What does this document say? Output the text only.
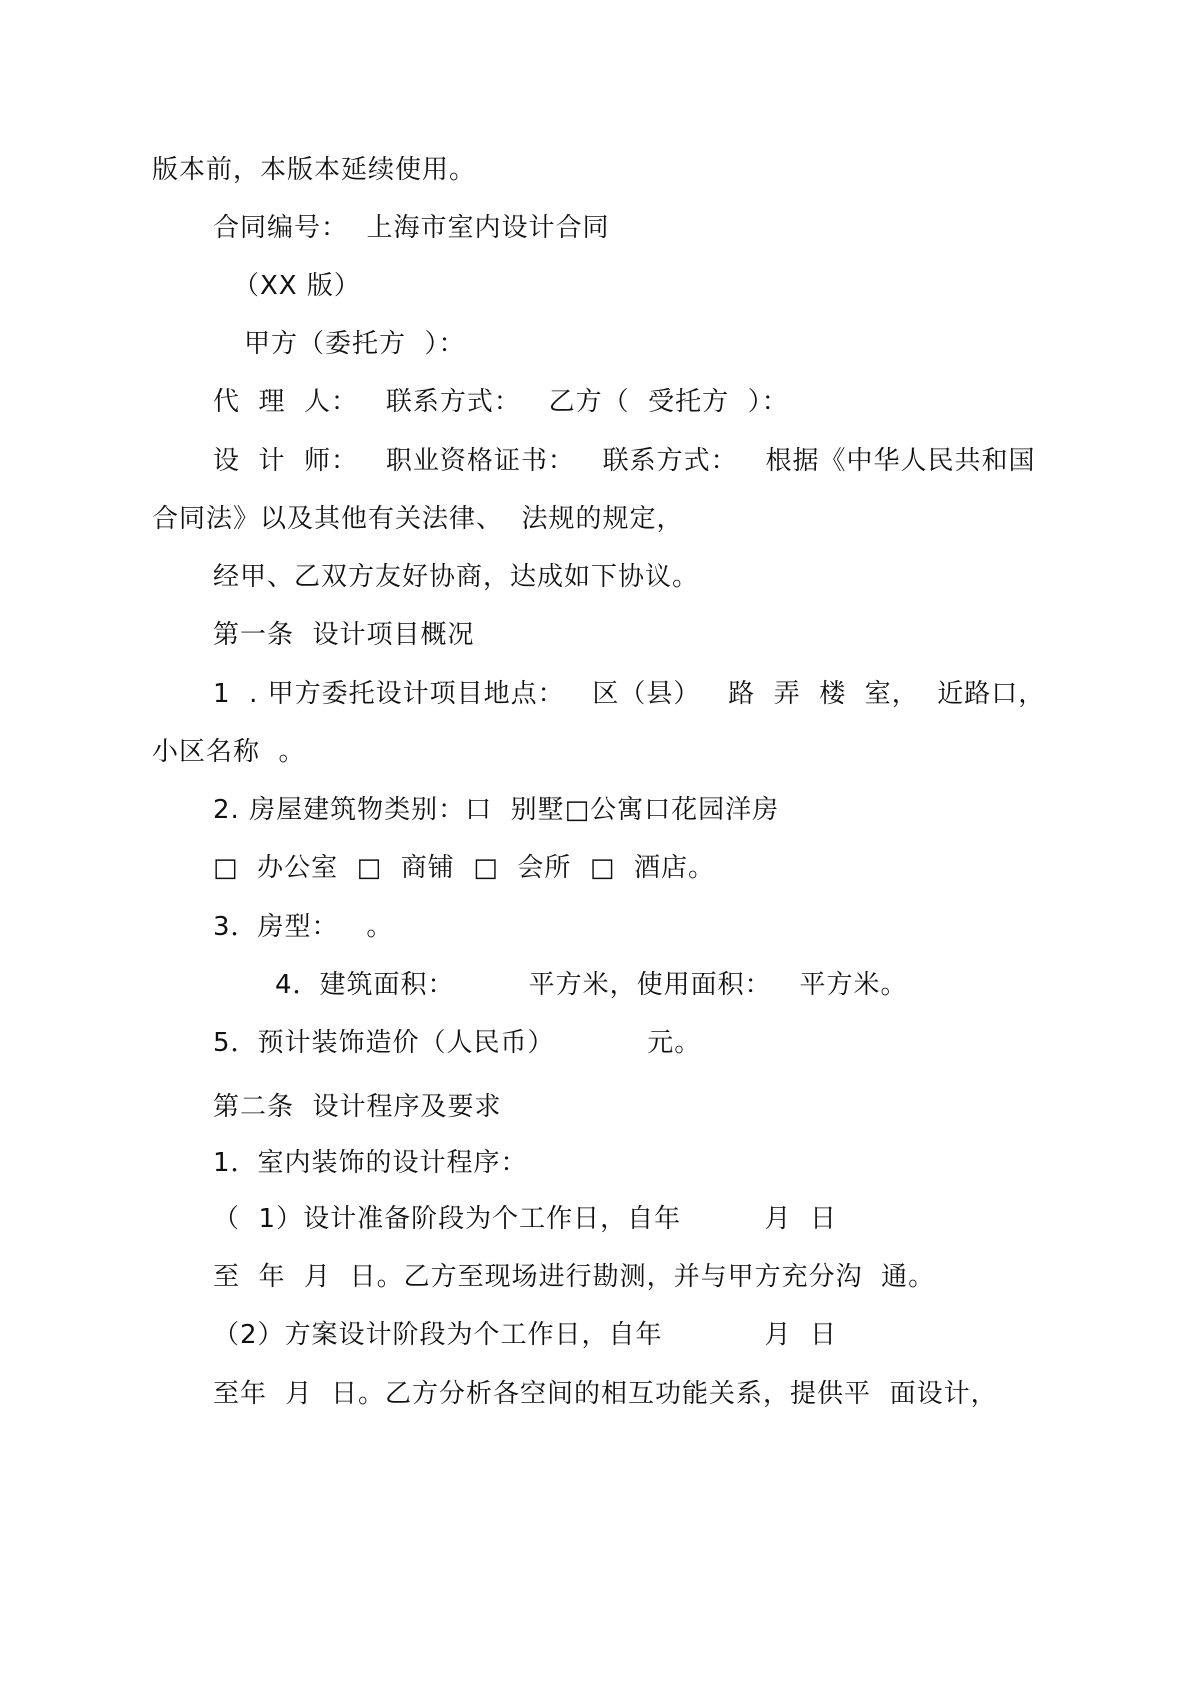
版本前，本版本延续使用。
合同编号：  上海市室内设计合同
（XX 版）
甲方（委托方  ）：
代  理  人：   联系方式：   乙方（  受托方  ）：
设  计  师：   职业资格证书：   联系方式：   根据《中华人民共和国
合同法》以及其他有关法律、  法规的规定，
经甲、乙双方友好协商，达成如下协议。
第一条  设计项目概况
1  . 甲方委托设计项目地点：   区（县）   路  弄  楼  室，  近路口，
小区名称  。
2. 房屋建筑物类别：口  别墅□公寓口花园洋房
□  办公室  □  商铺  □  会所  □  酒店。
3．房型：   。
4．建筑面积：        平方米，使用面积：   平方米。
5．预计装饰造价（人民币）          元。
第二条  设计程序及要求
1．室内装饰的设计程序：
（  1）设计准备阶段为个工作日，自年         月  日
至  年  月  日。乙方至现场进行勘测，并与甲方充分沟  通。
（2）方案设计阶段为个工作日，自年           月  日
至年  月  日。乙方分析各空间的相互功能关系，提供平  面设计，
